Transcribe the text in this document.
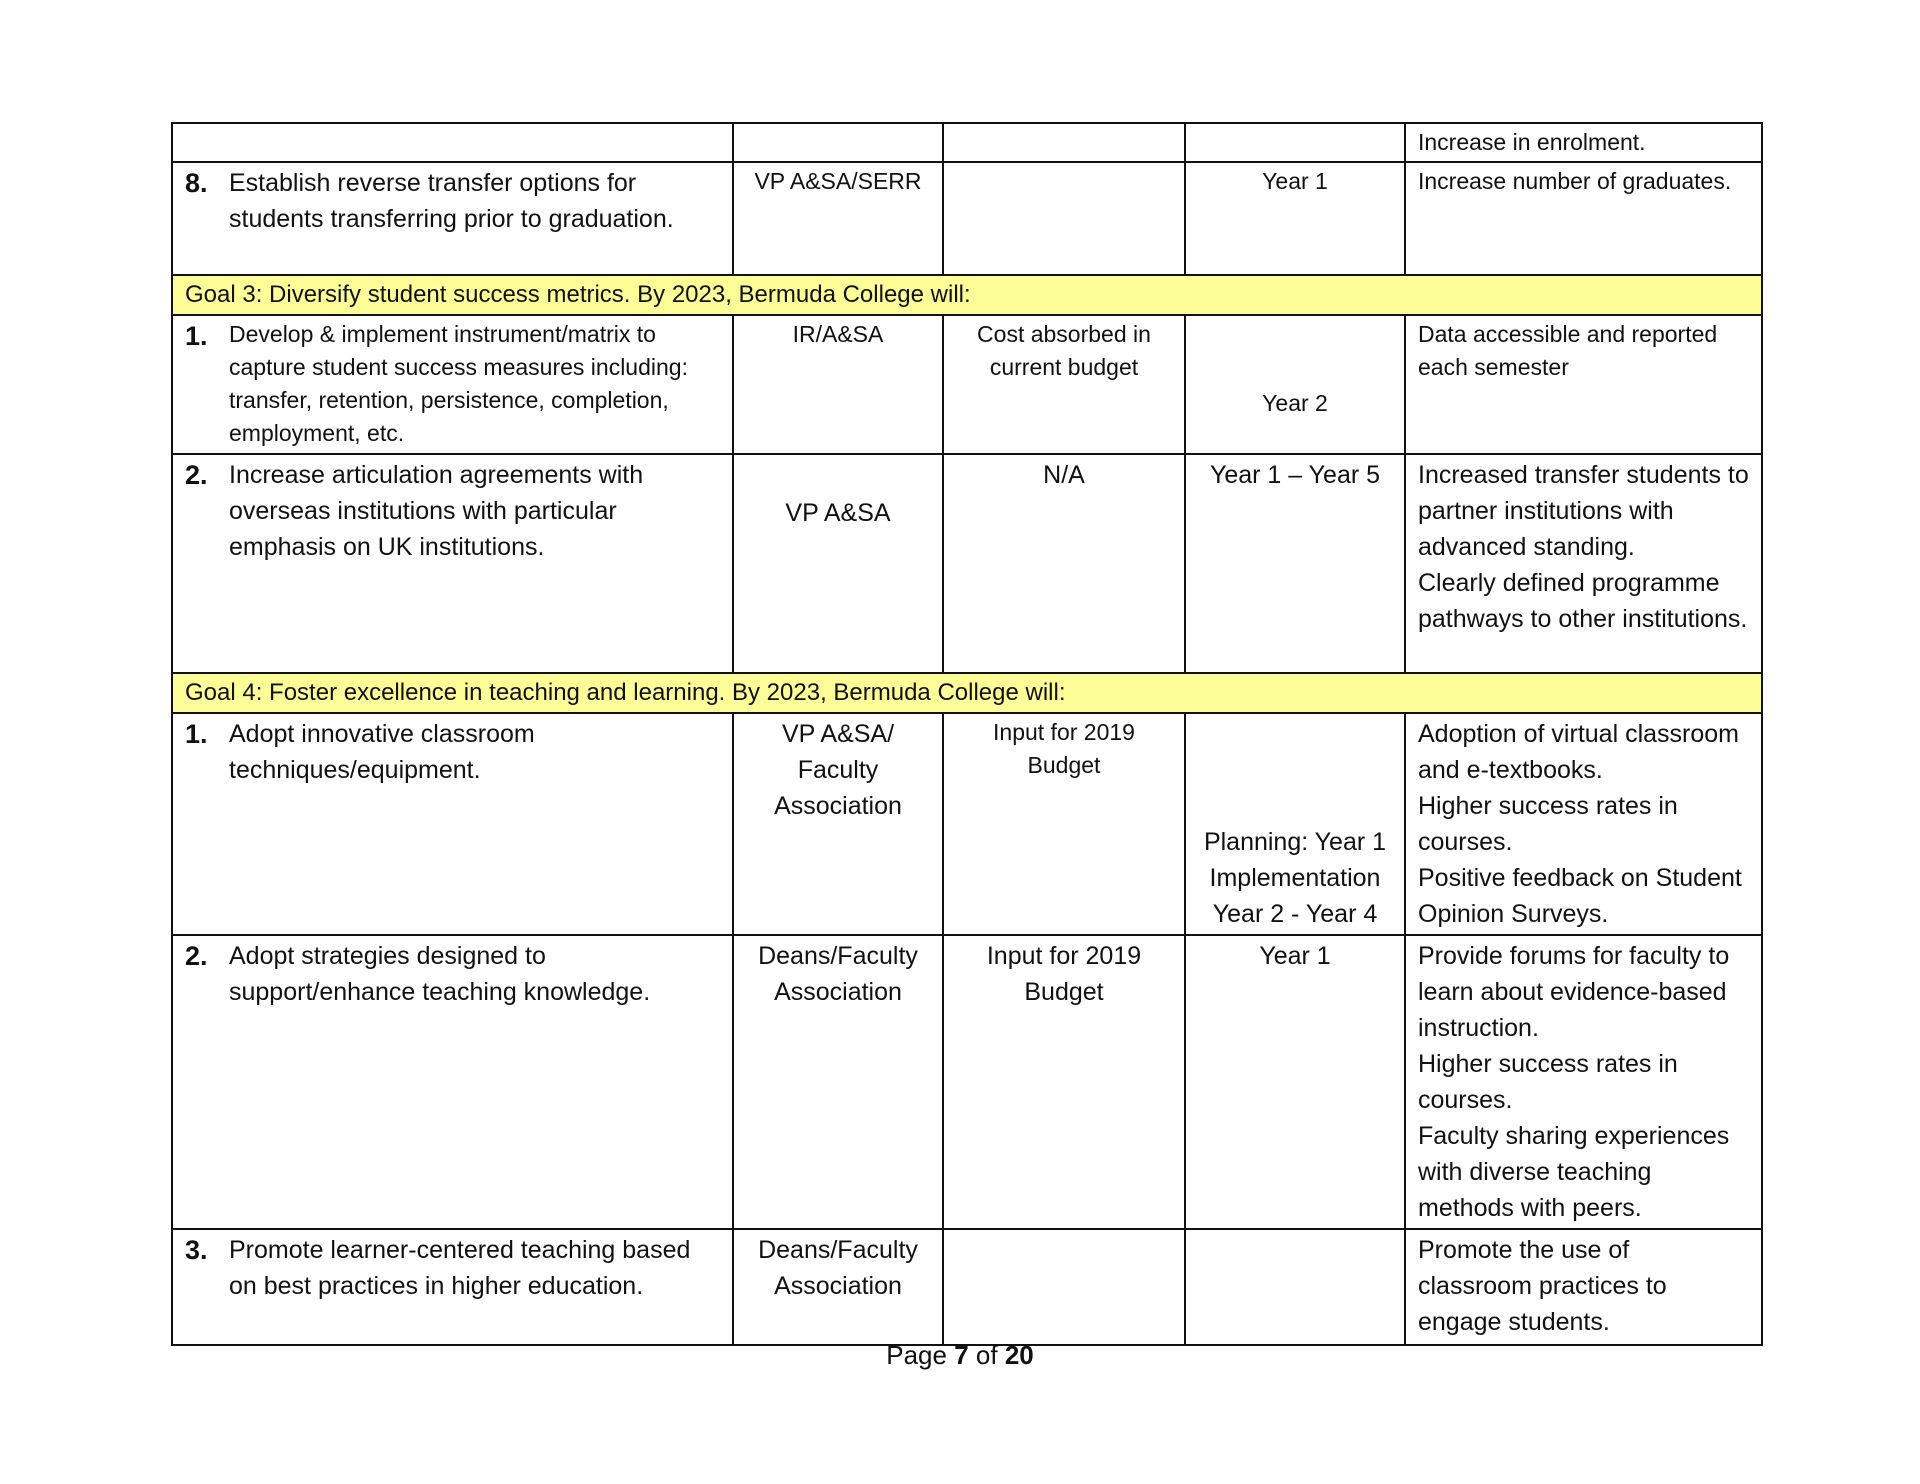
				Increase in enrolment.

8. Establish reverse transfer options for students transferring prior to graduation.	VP A&SA/SERR		Year 1	Increase number of graduates.
Goal 3: Diversify student success metrics. By 2023, Bermuda College will:				

1. Develop & implement instrument/matrix to capture student success measures including: transfer, retention, persistence, completion, employment, etc.	IR/A&SA	Cost absorbed in current budget	Year 2	Data accessible and reported each semester

2. Increase articulation agreements with overseas institutions with particular emphasis on UK institutions.	VP A&SA	N/A	Year 1 – Year 5	Increased transfer students to partner institutions with advanced standing.
Clearly defined programme pathways to other institutions.

Goal 4: Foster excellence in teaching and learning. By 2023, Bermuda College will:				

1. Adopt innovative classroom techniques/equipment.	VP A&SA/
Faculty
Association	Input for 2019 Budget	Planning: Year 1
Implementation
Year 2 - Year 4	Adoption of virtual classroom and e-textbooks.
Higher success rates in courses.
Positive feedback on Student Opinion Surveys.

2. Adopt strategies designed to support/enhance teaching knowledge.	Deans/Faculty Association	Input for 2019 Budget	Year 1	Provide forums for faculty to learn about evidence-based instruction.
Higher success rates in courses.
Faculty sharing experiences with diverse teaching methods with peers.

3. Promote learner-centered teaching based on best practices in higher education.	Deans/Faculty Association			Promote the use of classroom practices to engage students.
Page 7 of 20
